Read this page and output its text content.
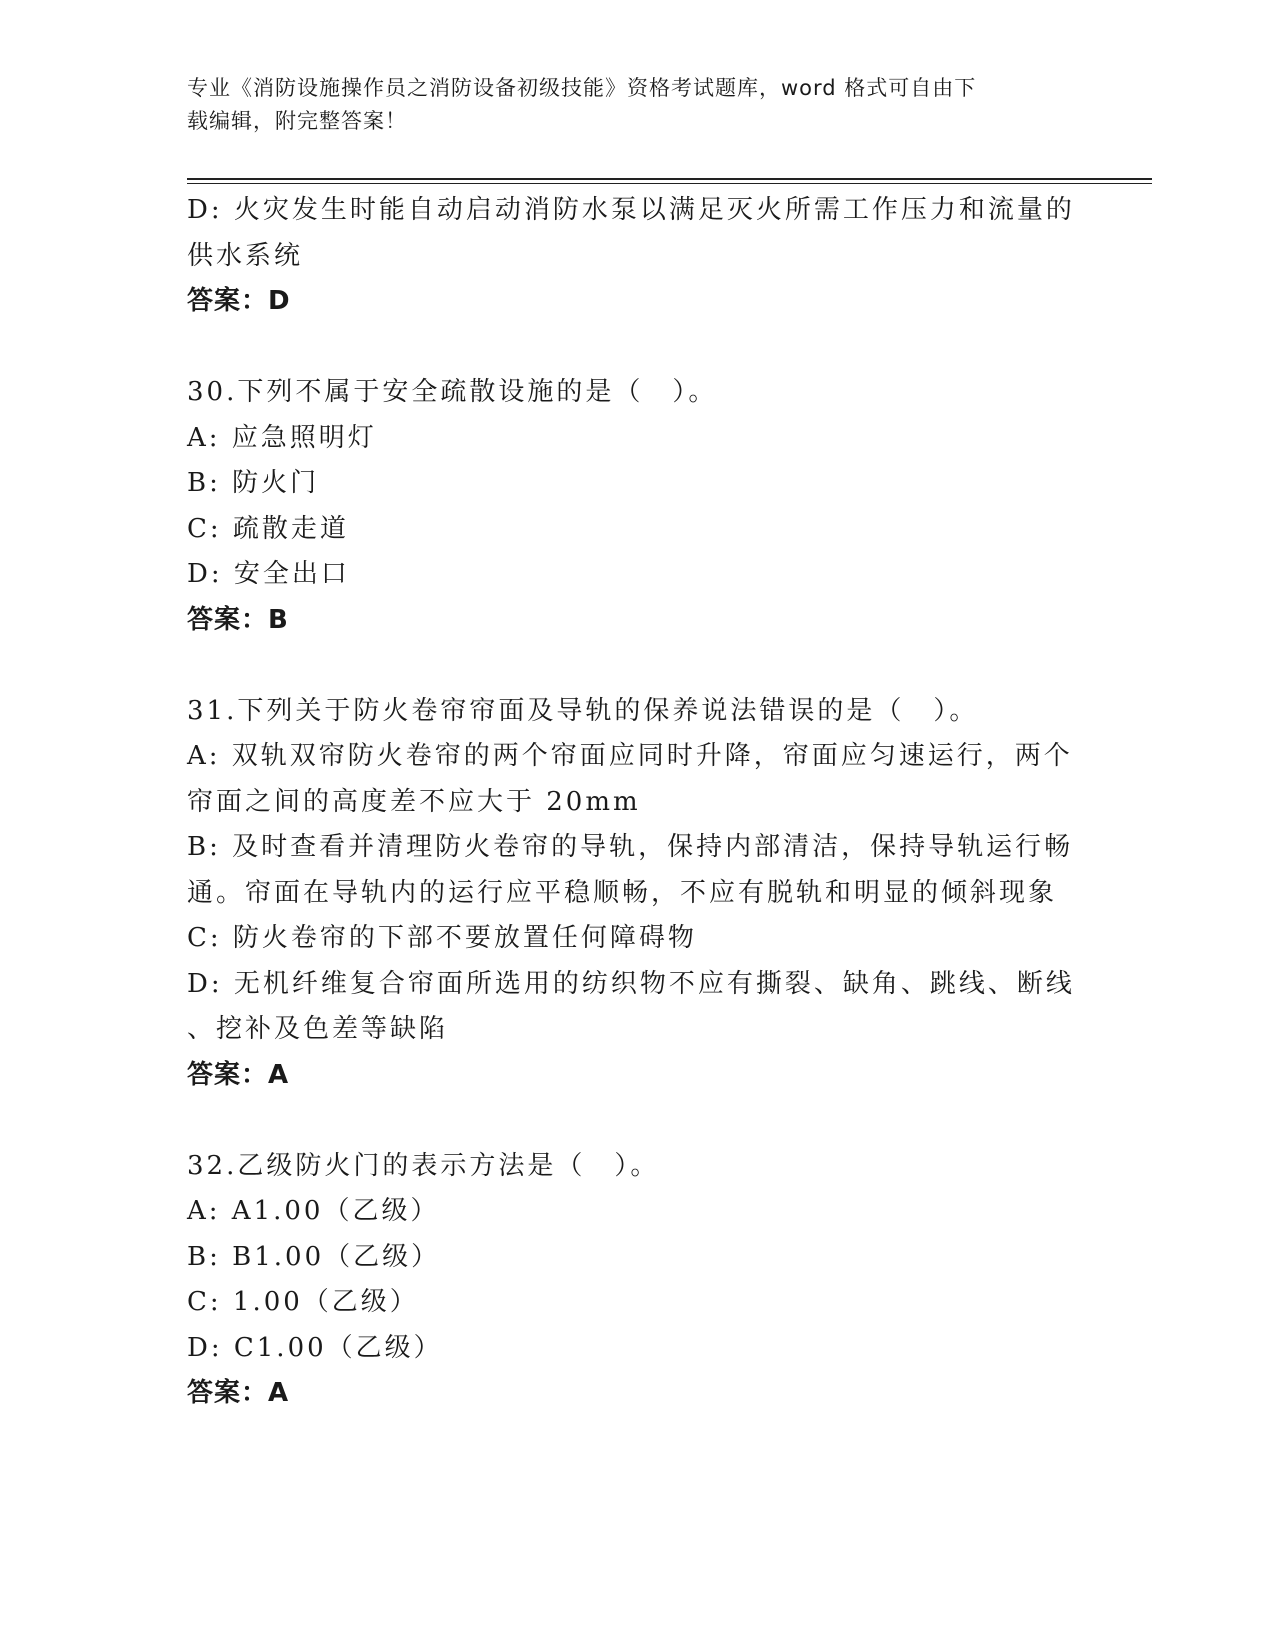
专业《消防设施操作员之消防设备初级技能》资格考试题库，word 格式可自由下
载编辑，附完整答案！
D: 火灾发生时能自动启动消防水泵以满足灭火所需工作压力和流量的
供水系统
答案：D
30.下列不属于安全疏散设施的是（　）。
A: 应急照明灯
B: 防火门
C: 疏散走道
D: 安全出口
答案：B
31.下列关于防火卷帘帘面及导轨的保养说法错误的是（　）。
A: 双轨双帘防火卷帘的两个帘面应同时升降，帘面应匀速运行，两个
帘面之间的高度差不应大于 20mm
B: 及时查看并清理防火卷帘的导轨，保持内部清洁，保持导轨运行畅
通。帘面在导轨内的运行应平稳顺畅，不应有脱轨和明显的倾斜现象
C: 防火卷帘的下部不要放置任何障碍物
D: 无机纤维复合帘面所选用的纺织物不应有撕裂、缺角、跳线、断线
、挖补及色差等缺陷
答案：A
32.乙级防火门的表示方法是（　）。
A: A1.00（乙级）
B: B1.00（乙级）
C: 1.00（乙级）
D: C1.00（乙级）
答案：A
